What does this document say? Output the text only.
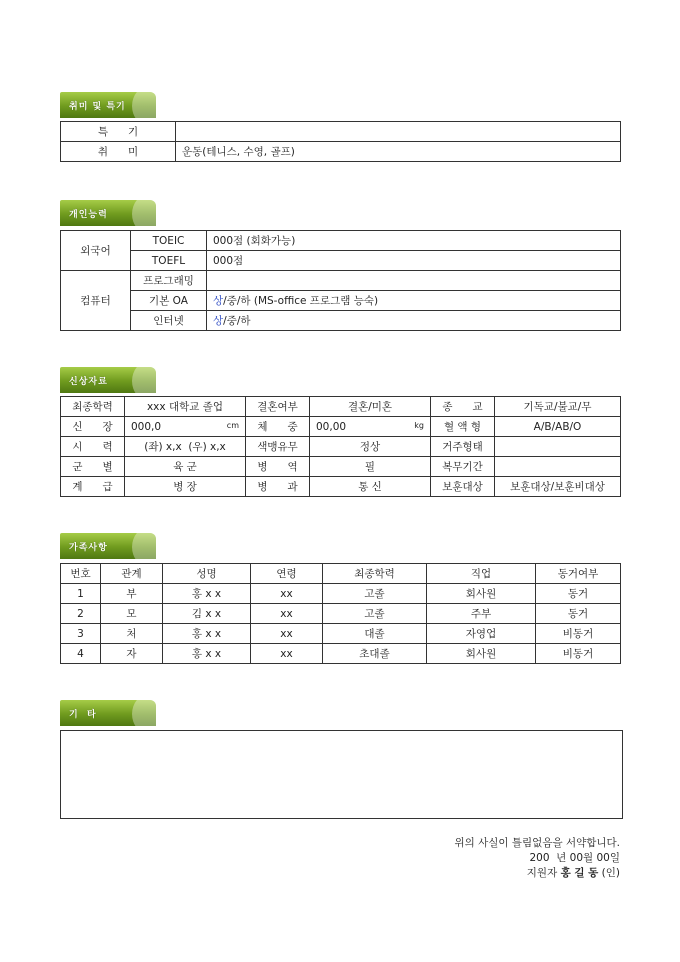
취미 및 특기
특      기	
취      미	운동(테니스, 수영, 골프)
개인능력
외국어	TOEIC	000점 (회화가능)
	TOEFL	000점
컴퓨터	프로그래밍	
	기본 OA	상/중/하 (MS-office 프로그램 능숙)
	인터넷	상/중/하
신상자료
최종학력	xxx 대학교 졸업	결혼여부	결혼/미혼	종      교	기독교/불교/무
신      장	000,0 cm	체      중	00,00 kg	혈 액 형	A/B/AB/O
시      력	(좌) x,x  (우) x,x	색맹유무	정상	거주형태	
군      별	육 군	병      역	필	복무기간	
계      급	병 장	병      과	통 신	보훈대상	보훈대상/보훈비대상
가족사항
번호	관계	성명	연령	최종학력	직업	동거여부
1	부	홍 x x	xx	고졸	회사원	동거
2	모	김 x x	xx	고졸	주부	동거
3	처	홍 x x	xx	대졸	자영업	비동거
4	자	홍 x x	xx	초대졸	회사원	비동거
기  타
위의 사실이 틀림없음을 서약합니다.
200  년 00월 00일
지원자 홍 길 동 (인)
